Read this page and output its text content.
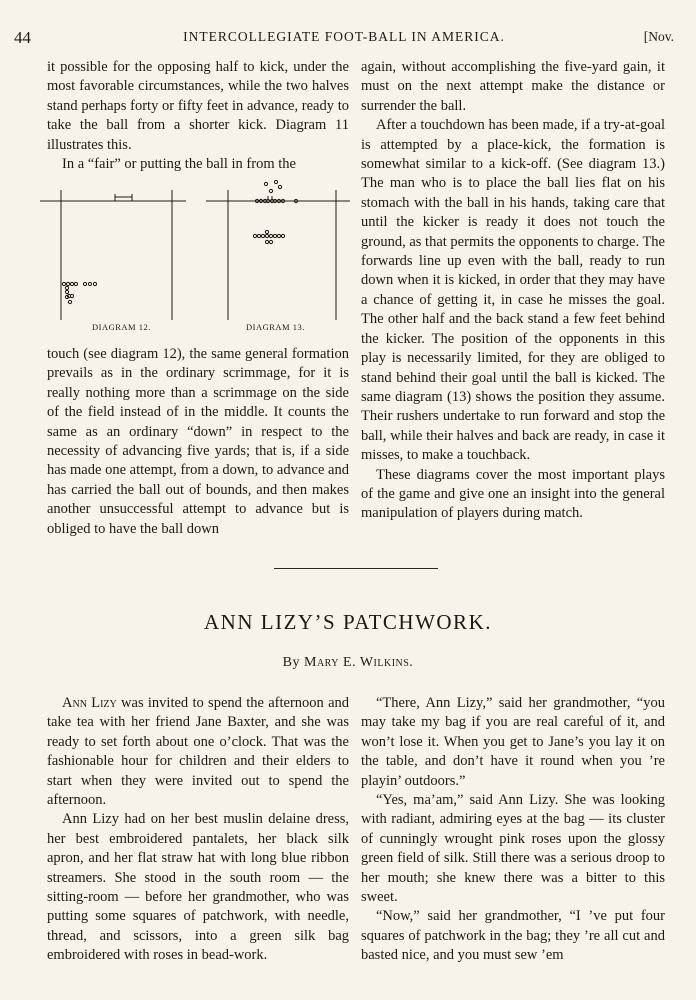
44	INTERCOLLEGIATE FOOT-BALL IN AMERICA.	[Nov.

it possible for the opposing half to kick, under the most favorable circumstances, while the two halves stand perhaps forty or fifty feet in advance, ready to take the ball from a shorter kick. Diagram 11 illustrates this.

In a “fair” or putting the ball in from the

DIAGRAM 12.	DIAGRAM 13.

touch (see diagram 12), the same general formation prevails as in the ordinary scrimmage, for it is really nothing more than a scrimmage on the side of the field instead of in the middle. It counts the same as an ordinary “down” in respect to the necessity of advancing five yards; that is, if a side has made one attempt, from a down, to advance and has carried the ball out of bounds, and then makes another unsuccessful attempt to advance but is obliged to have the ball down

again, without accomplishing the five-yard gain, it must on the next attempt make the distance or surrender the ball.

After a touchdown has been made, if a try-at-goal is attempted by a place-kick, the formation is somewhat similar to a kick-off. (See diagram 13.) The man who is to place the ball lies flat on his stomach with the ball in his hands, taking care that until the kicker is ready it does not touch the ground, as that permits the opponents to charge. The forwards line up even with the ball, ready to run down when it is kicked, in order that they may have a chance of getting it, in case he misses the goal. The other half and the back stand a few feet behind the kicker. The position of the opponents in this play is necessarily limited, for they are obliged to stand behind their goal until the ball is kicked. The same diagram (13) shows the position they assume. Their rushers undertake to run forward and stop the ball, while their halves and back are ready, in case it misses, to make a touchback.

These diagrams cover the most important plays of the game and give one an insight into the general manipulation of players during match.

ANN LIZY’S PATCHWORK.
By Mary E. Wilkins.

Ann Lizy was invited to spend the afternoon and take tea with her friend Jane Baxter, and she was ready to set forth about one o’clock. That was the fashionable hour for children and their elders to start when they were invited out to spend the afternoon.

Ann Lizy had on her best muslin delaine dress, her best embroidered pantalets, her black silk apron, and her flat straw hat with long blue ribbon streamers. She stood in the south room — the sitting-room — before her grandmother, who was putting some squares of patchwork, with needle, thread, and scissors, into a green silk bag embroidered with roses in bead-work.

“There, Ann Lizy,” said her grandmother, “you may take my bag if you are real careful of it, and won’t lose it. When you get to Jane’s you lay it on the table, and don’t have it round when you ’re playin’ outdoors.”

“Yes, ma’am,” said Ann Lizy. She was looking with radiant, admiring eyes at the bag — its cluster of cunningly wrought pink roses upon the glossy green field of silk. Still there was a serious droop to her mouth; she knew there was a bitter to this sweet.

“Now,” said her grandmother, “I ’ve put four squares of patchwork in the bag; they ’re all cut and basted nice, and you must sew ’em
